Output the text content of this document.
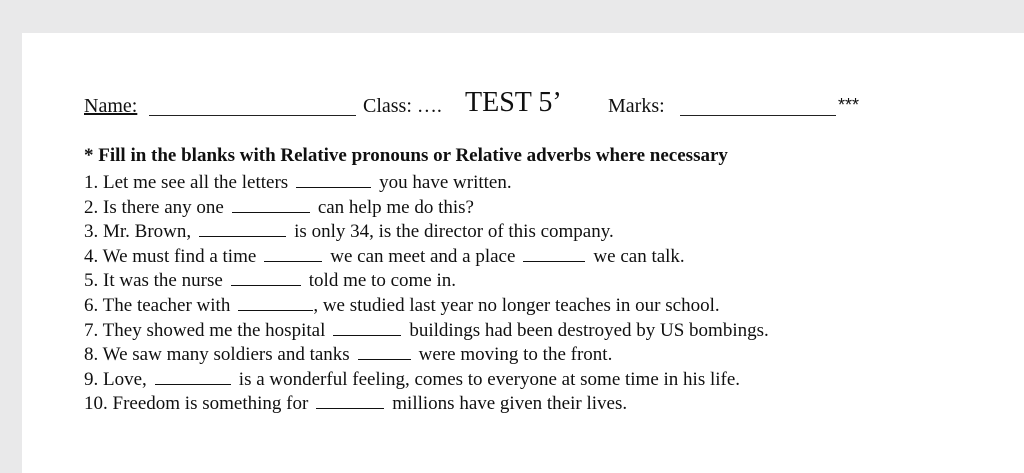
Name:	Class: …. TEST 5’ Marks:	***
* Fill in the blanks with Relative pronouns or Relative adverbs where necessary
1. Let me see all the letters	you have written.
2. Is there any one	can help me do this?
3. Mr. Brown,	is only 34, is the director of this company.
4. We must find a time	we can meet and a place	we can talk.
5. It was the nurse	told me to come in.
6. The teacher with	, we studied last year no longer teaches in our school.
7. They showed me the hospital	buildings had been destroyed by US bombings.
8. We saw many soldiers and tanks	were moving to the front.
9. Love,	is a wonderful feeling, comes to everyone at some time in his life.
10. Freedom is something for	millions have given their lives.
